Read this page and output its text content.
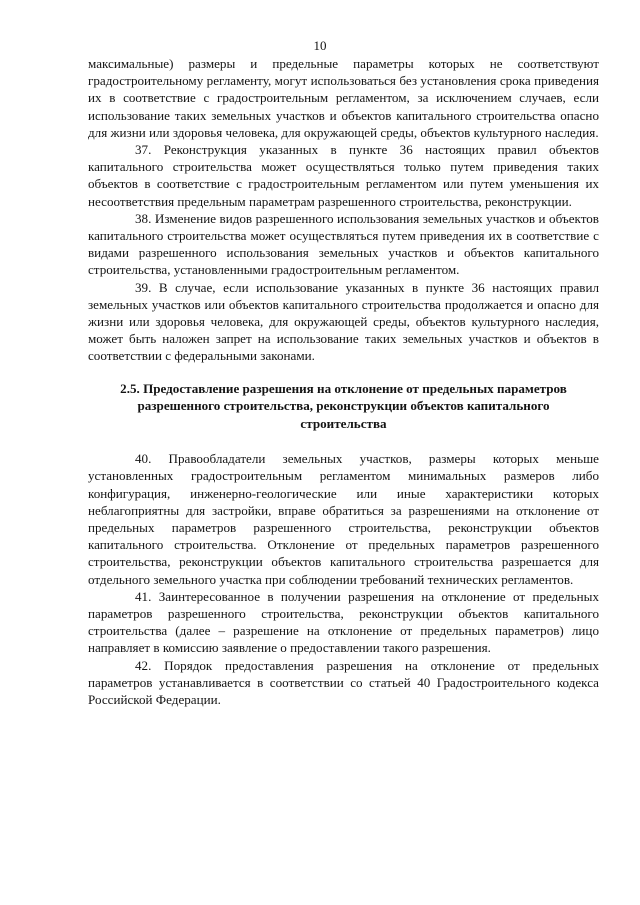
10

максимальные) размеры и предельные параметры которых не соответствуют градостроительному регламенту, могут использоваться без установления срока приведения их в соответствие с градостроительным регламентом, за исключением случаев, если использование таких земельных участков и объектов капитального строительства опасно для жизни или здоровья человека, для окружающей среды, объектов культурного наследия.

37. Реконструкция указанных в пункте 36 настоящих правил объектов капитального строительства может осуществляться только путем приведения таких объектов в соответствие с градостроительным регламентом или путем уменьшения их несоответствия предельным параметрам разрешенного строительства, реконструкции.

38. Изменение видов разрешенного использования земельных участков и объектов капитального строительства может осуществляться путем приведения их в соответствие с видами разрешенного использования земельных участков и объектов капитального строительства, установленными градостроительным регламентом.

39. В случае, если использование указанных в пункте 36 настоящих правил земельных участков или объектов капитального строительства продолжается и опасно для жизни или здоровья человека, для окружающей среды, объектов культурного наследия, может быть наложен запрет на использование таких земельных участков и объектов в соответствии с федеральными законами.

2.5. Предоставление разрешения на отклонение от предельных параметров разрешенного строительства, реконструкции объектов капитального строительства

40. Правообладатели земельных участков, размеры которых меньше установленных градостроительным регламентом минимальных размеров либо конфигурация, инженерно-геологические или иные характеристики которых неблагоприятны для застройки, вправе обратиться за разрешениями на отклонение от предельных параметров разрешенного строительства, реконструкции объектов капитального строительства. Отклонение от предельных параметров разрешенного строительства, реконструкции объектов капитального строительства разрешается для отдельного земельного участка при соблюдении требований технических регламентов.

41. Заинтересованное в получении разрешения на отклонение от предельных параметров разрешенного строительства, реконструкции объектов капитального строительства (далее – разрешение на отклонение от предельных параметров) лицо направляет в комиссию заявление о предоставлении такого разрешения.

42. Порядок предоставления разрешения на отклонение от предельных параметров устанавливается в соответствии со статьей 40 Градостроительного кодекса Российской Федерации.
